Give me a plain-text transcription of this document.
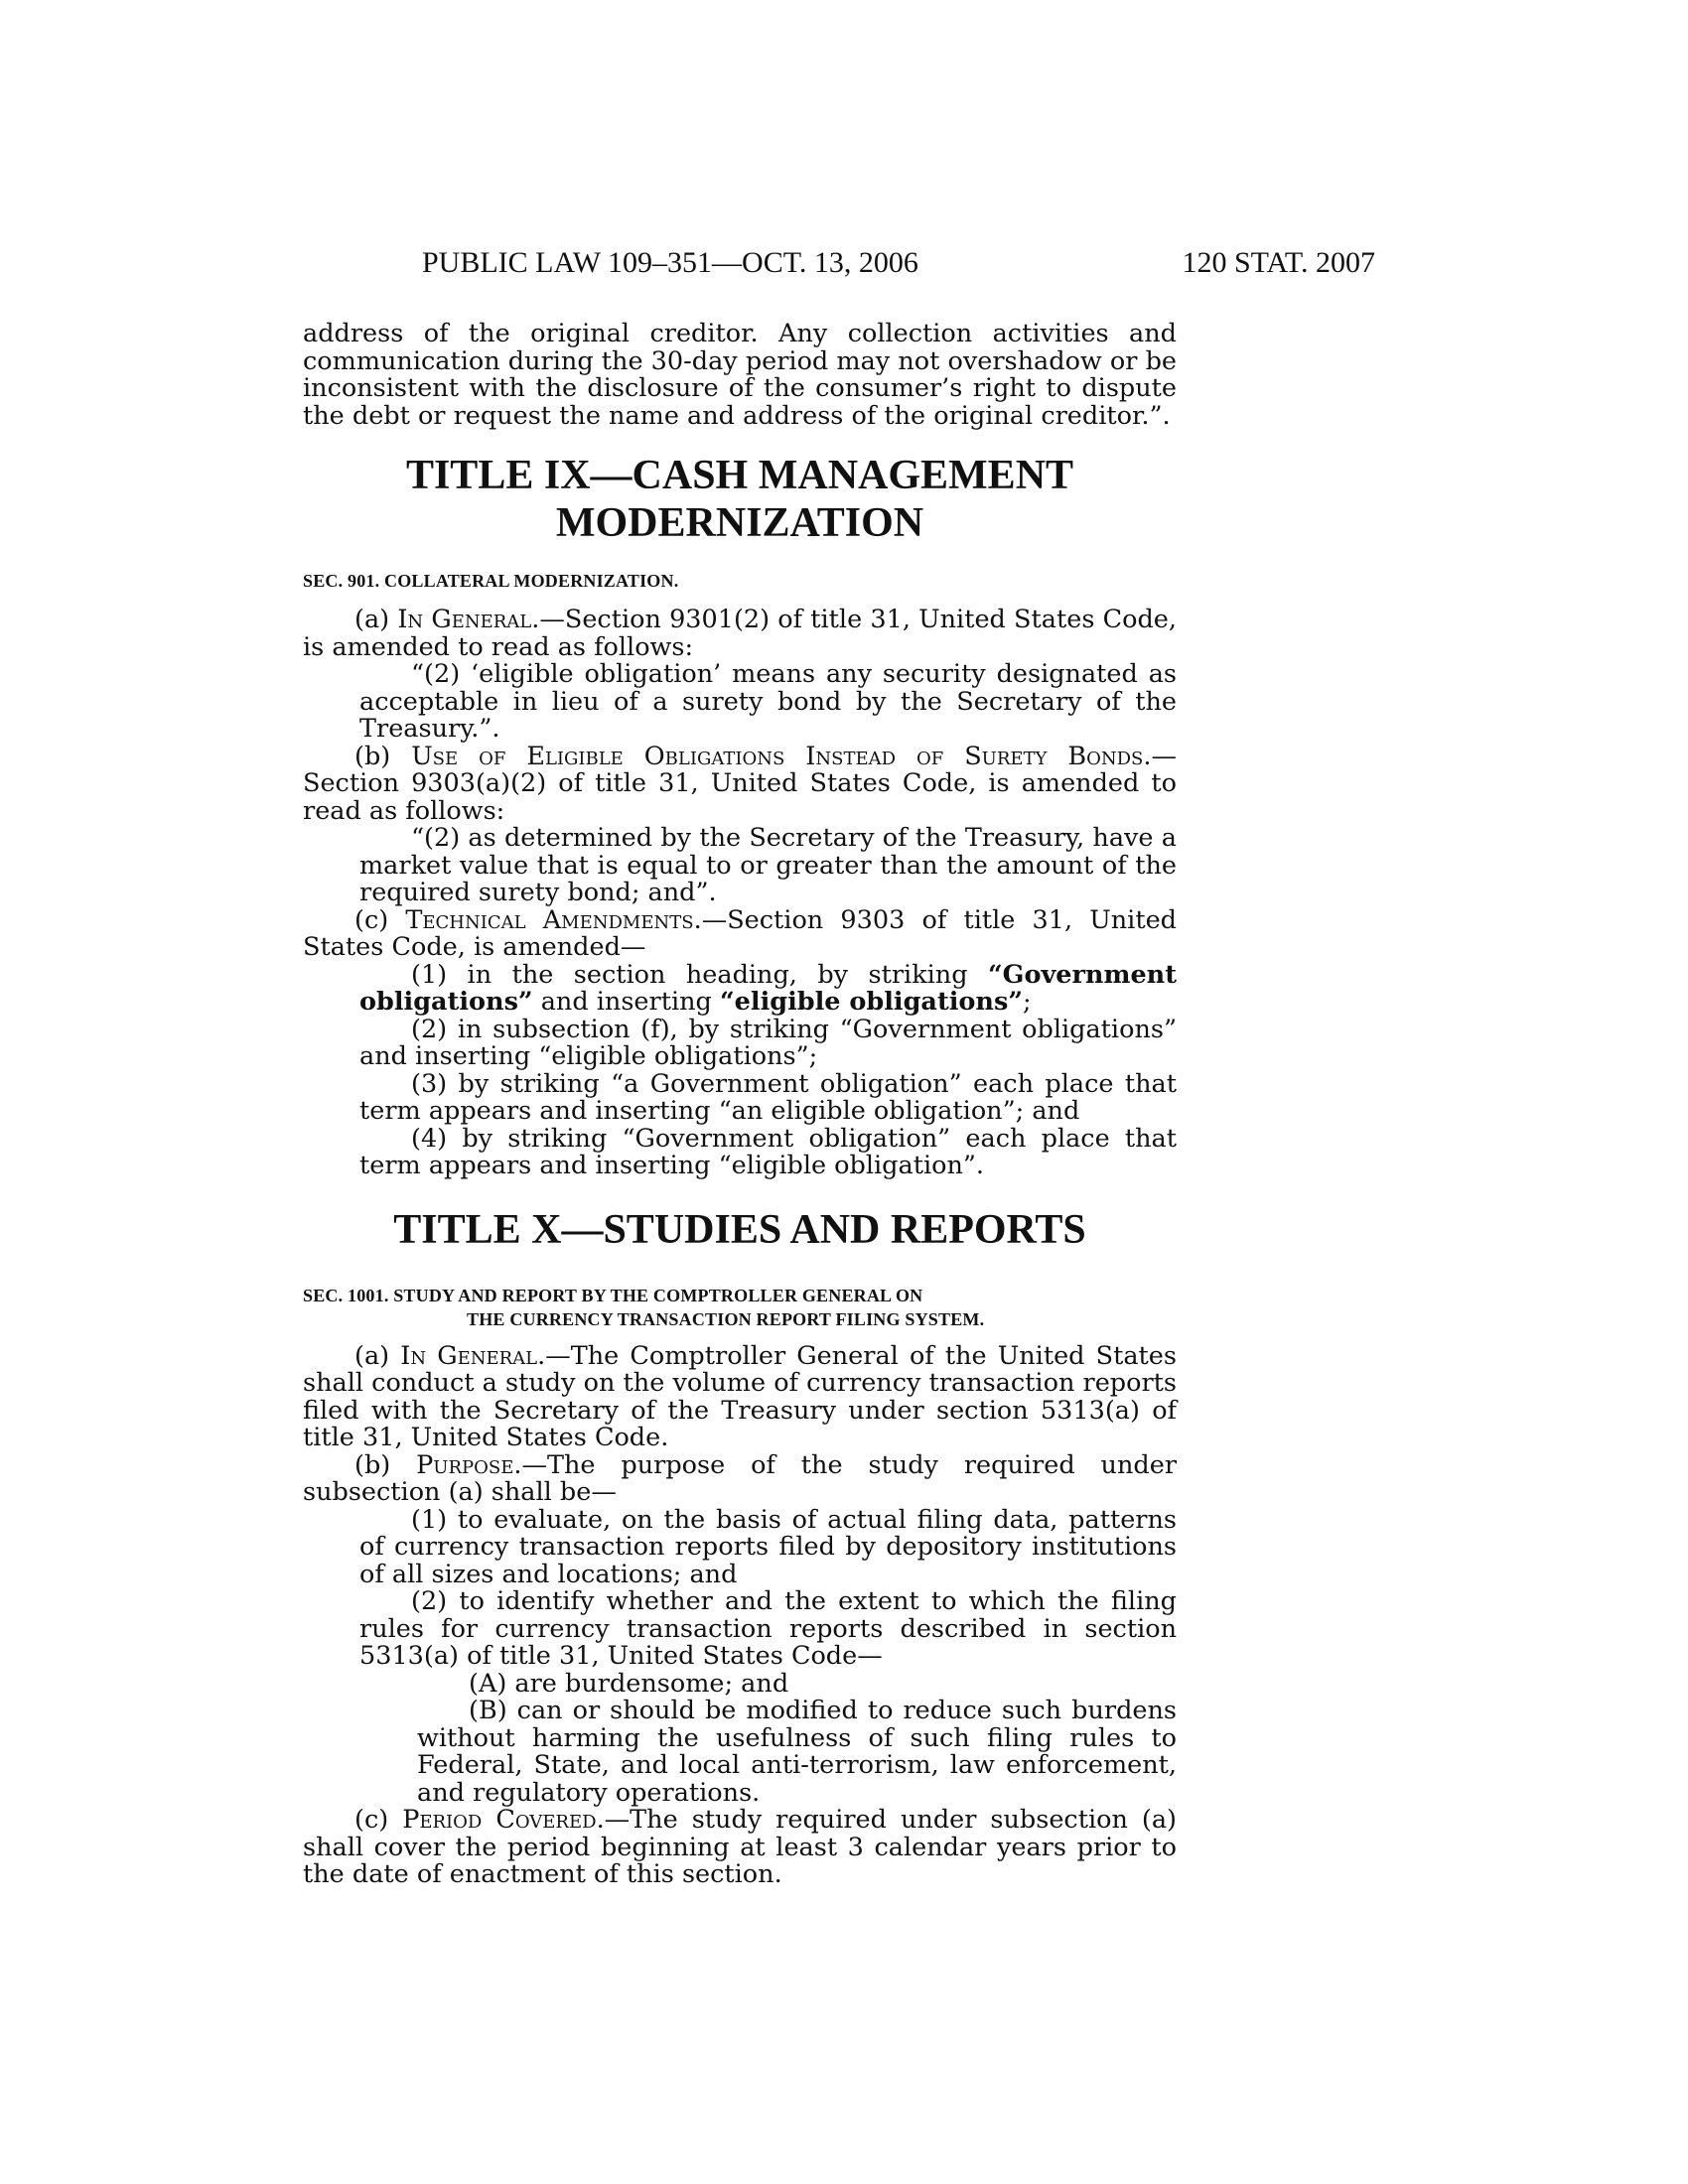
PUBLIC LAW 109–351—OCT. 13, 2006	120 STAT. 2007

address of the original creditor. Any collection activities and communication during the 30-day period may not overshadow or be inconsistent with the disclosure of the consumer’s right to dispute the debt or request the name and address of the original creditor.”.

TITLE IX—CASH MANAGEMENT
MODERNIZATION

SEC. 901. COLLATERAL MODERNIZATION.

(a) In General.—Section 9301(2) of title 31, United States Code, is amended to read as follows:

“(2) ‘eligible obligation’ means any security designated as acceptable in lieu of a surety bond by the Secretary of the Treasury.”.

(b) Use of Eligible Obligations Instead of Surety Bonds.— Section 9303(a)(2) of title 31, United States Code, is amended to read as follows:

“(2) as determined by the Secretary of the Treasury, have a market value that is equal to or greater than the amount of the required surety bond; and”.

(c) Technical Amendments.—Section 9303 of title 31, United States Code, is amended—

(1) in the section heading, by striking “Government obligations” and inserting “eligible obligations”;

(2) in subsection (f), by striking “Government obligations” and inserting “eligible obligations”;

(3) by striking “a Government obligation” each place that term appears and inserting “an eligible obligation”; and

(4) by striking “Government obligation” each place that term appears and inserting “eligible obligation”.

TITLE X—STUDIES AND REPORTS

SEC. 1001. STUDY AND REPORT BY THE COMPTROLLER GENERAL ON
THE CURRENCY TRANSACTION REPORT FILING SYSTEM.

(a) In General.—The Comptroller General of the United States shall conduct a study on the volume of currency transaction reports filed with the Secretary of the Treasury under section 5313(a) of title 31, United States Code.

(b) Purpose.—The purpose of the study required under subsection (a) shall be—

(1) to evaluate, on the basis of actual filing data, patterns of currency transaction reports filed by depository institutions of all sizes and locations; and

(2) to identify whether and the extent to which the filing rules for currency transaction reports described in section 5313(a) of title 31, United States Code—

(A) are burdensome; and

(B) can or should be modified to reduce such burdens without harming the usefulness of such filing rules to Federal, State, and local anti-terrorism, law enforcement, and regulatory operations.

(c) Period Covered.—The study required under subsection (a) shall cover the period beginning at least 3 calendar years prior to the date of enactment of this section.
